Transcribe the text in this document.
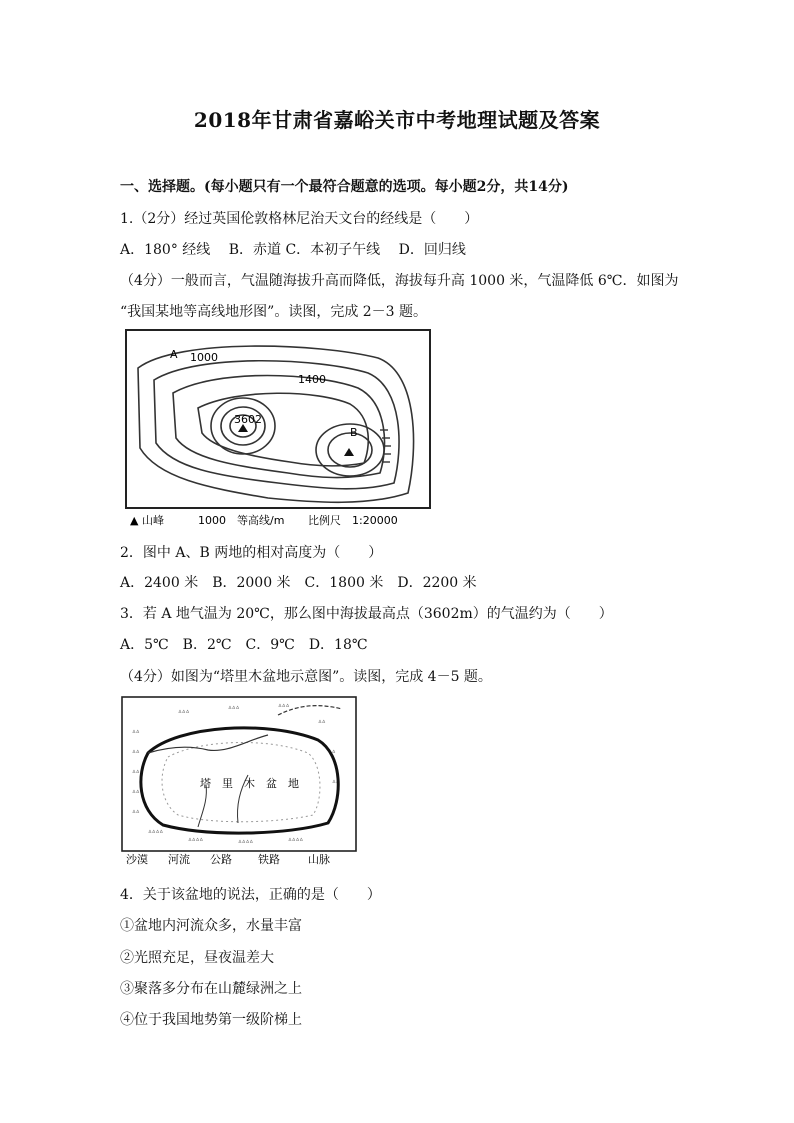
2018年甘肃省嘉峪关市中考地理试题及答案
一、选择题。(每小题只有一个最符合题意的选项。每小题2分，共14分)
1.（2分）经过英国伦敦格林尼治天文台的经线是（　　）
A．180° 经线　 B．赤道 C．本初子午线　 D．回归线
（4分）一般而言，气温随海拔升高而降低，海拔每升高 1000 米，气温降低 6℃．如图为
“我国某地等高线地形图”。读图，完成 2－3 题。
3602
A
B
1000
1400
▲ 山峰	1000　等高线/m 比例尺　1:20000
2．图中 A、B 两地的相对高度为（　　）
A．2400 米　B．2000 米　C．1800 米　D．2200 米
3．若 A 地气温为 20℃，那么图中海拔最高点（3602m）的气温约为（　　）
A．5℃　B．2℃　C．9℃　D．18℃
（4分）如图为“塔里木盆地示意图”。读图，完成 4－5 题。
ᐞᐞ
ᐞᐞ
ᐞᐞ
ᐞᐞ
ᐞᐞ
ᐞᐞᐞᐞ
ᐞᐞᐞᐞ	ᐞᐞᐞᐞ	ᐞᐞᐞᐞ
ᐞᐞᐞ	ᐞᐞᐞ	ᐞᐞᐞ
ᐞᐞ
ᐞᐞ
ᐞᐞ
塔　里　木　盆　地
沙漠 河流 公路 铁路	山脉
4．关于该盆地的说法，正确的是（　　）
①盆地内河流众多，水量丰富
②光照充足，昼夜温差大
③聚落多分布在山麓绿洲之上
④位于我国地势第一级阶梯上
